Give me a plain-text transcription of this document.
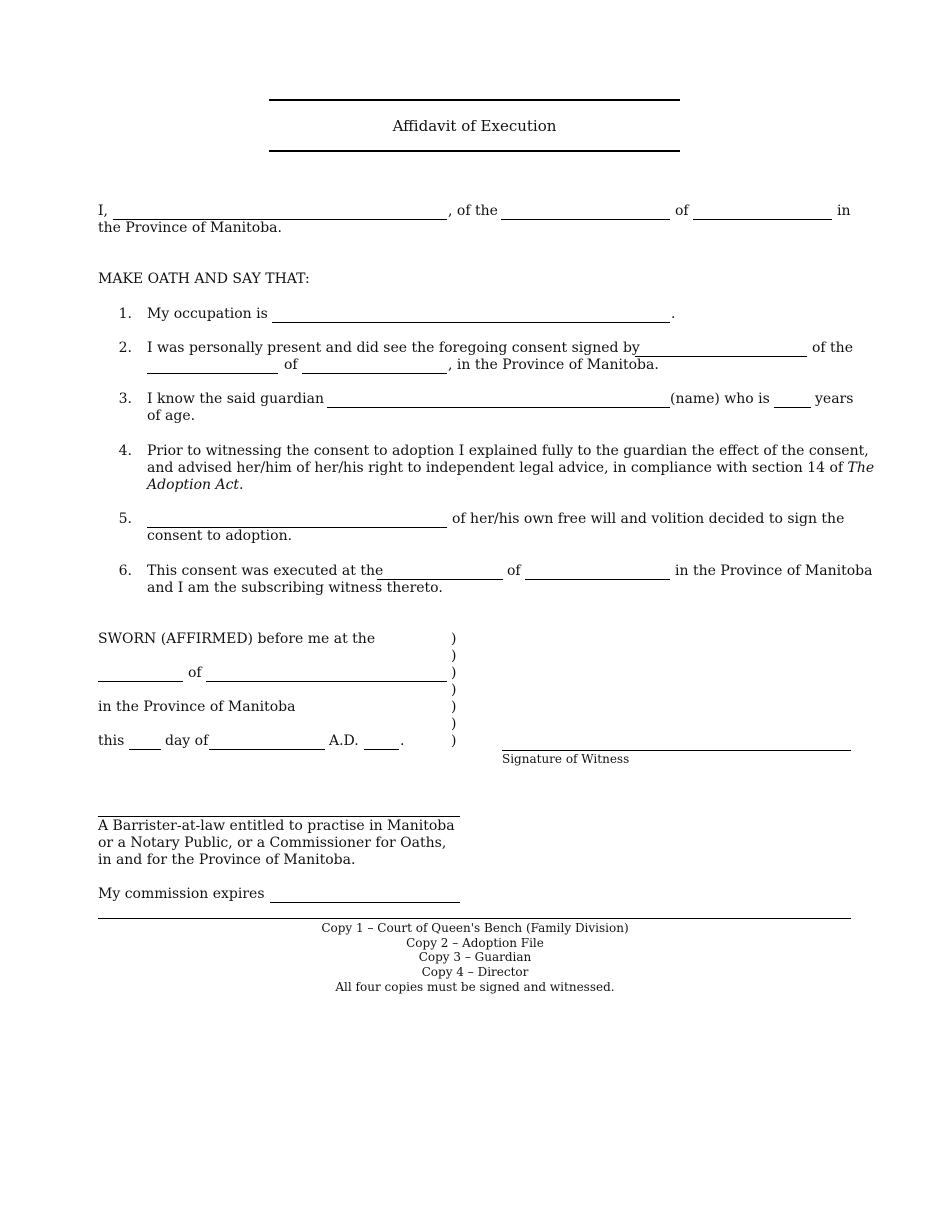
Affidavit of Execution
I,	, of the	of	in
the Province of Manitoba.
MAKE OATH AND SAY THAT:
1. My occupation is	.
2. I was personally present and did see the foregoing consent signed by	of the
of	, in the Province of Manitoba.
3. I know the said guardian	(name) who is	years
of age.
4. Prior to witnessing the consent to adoption I explained fully to the guardian the effect of the consent,
and advised her/him of her/his right to independent legal advice, in compliance with section 14 of The
Adoption Act.
5.	of her/his own free will and volition decided to sign the
consent to adoption.
6. This consent was executed at the	of	in the Province of Manitoba
and I am the subscribing witness thereto.
SWORN (AFFIRMED) before me at the
of
in the Province of Manitoba
this	day of	A.D.	.
)
)
)
)
)
)
)
Signature of Witness
A Barrister-at-law entitled to practise in Manitoba
or a Notary Public, or a Commissioner for Oaths,
in and for the Province of Manitoba.
My commission expires
Copy 1 – Court of Queen's Bench (Family Division)
Copy 2 – Adoption File
Copy 3 – Guardian
Copy 4 – Director
All four copies must be signed and witnessed.
